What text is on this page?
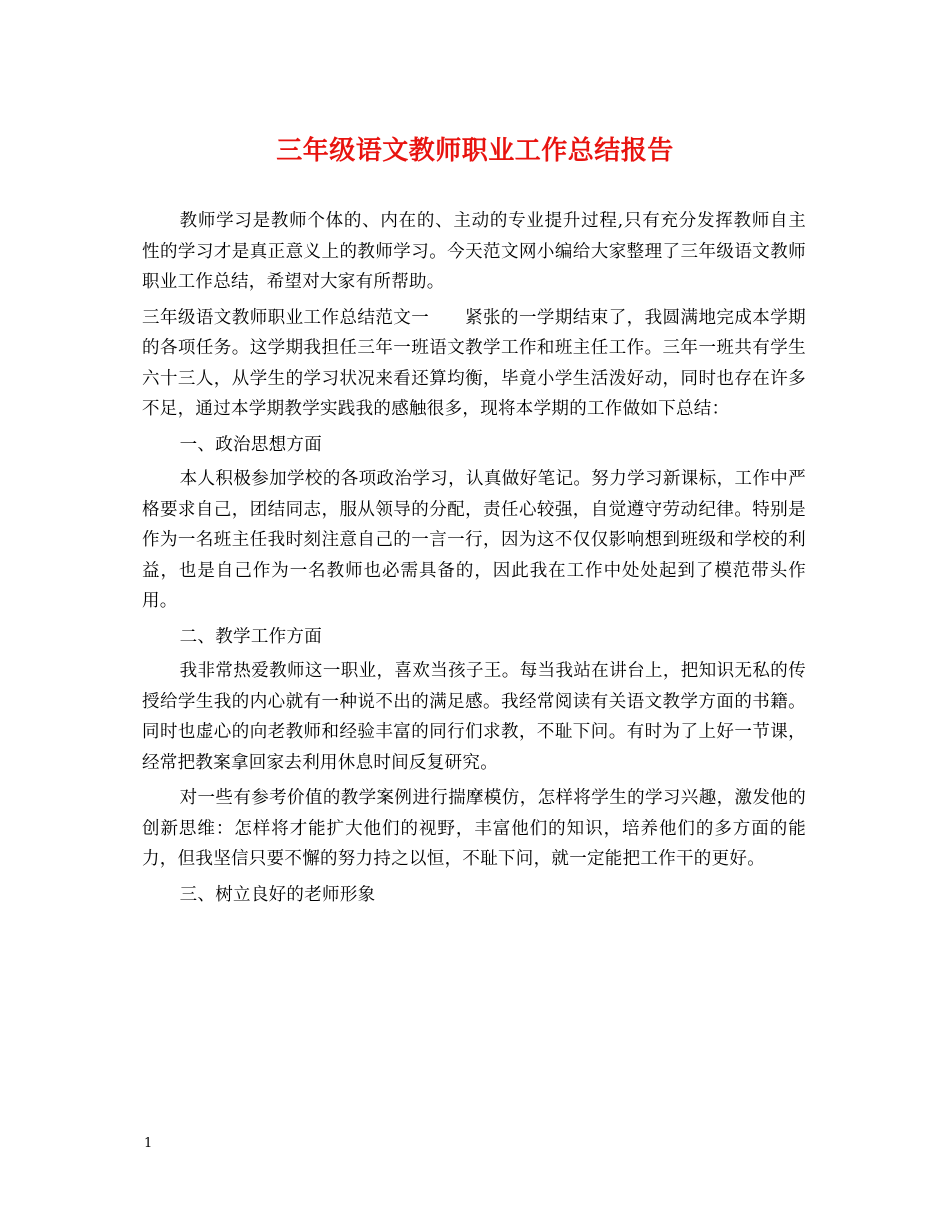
三年级语文教师职业工作总结报告

教师学习是教师个体的、内在的、主动的专业提升过程,只有充分发挥教师自主性的学习才是真正意义上的教师学习。今天范文网小编给大家整理了三年级语文教师职业工作总结，希望对大家有所帮助。

三年级语文教师职业工作总结范文一　　紧张的一学期结束了，我圆满地完成本学期的各项任务。这学期我担任三年一班语文教学工作和班主任工作。三年一班共有学生六十三人，从学生的学习状况来看还算均衡，毕竟小学生活泼好动，同时也存在许多不足，通过本学期教学实践我的感触很多，现将本学期的工作做如下总结：

一、政治思想方面

本人积极参加学校的各项政治学习，认真做好笔记。努力学习新课标，工作中严格要求自己，团结同志，服从领导的分配，责任心较强，自觉遵守劳动纪律。特别是作为一名班主任我时刻注意自己的一言一行，因为这不仅仅影响想到班级和学校的利益，也是自己作为一名教师也必需具备的，因此我在工作中处处起到了模范带头作用。

二、教学工作方面

我非常热爱教师这一职业，喜欢当孩子王。每当我站在讲台上，把知识无私的传授给学生我的内心就有一种说不出的满足感。我经常阅读有关语文教学方面的书籍。同时也虚心的向老教师和经验丰富的同行们求教，不耻下问。有时为了上好一节课，经常把教案拿回家去利用休息时间反复研究。

对一些有参考价值的教学案例进行揣摩模仿，怎样将学生的学习兴趣，激发他的创新思维：怎样将才能扩大他们的视野，丰富他们的知识，培养他们的多方面的能力，但我坚信只要不懈的努力持之以恒，不耻下问，就一定能把工作干的更好。

三、树立良好的老师形象

1
